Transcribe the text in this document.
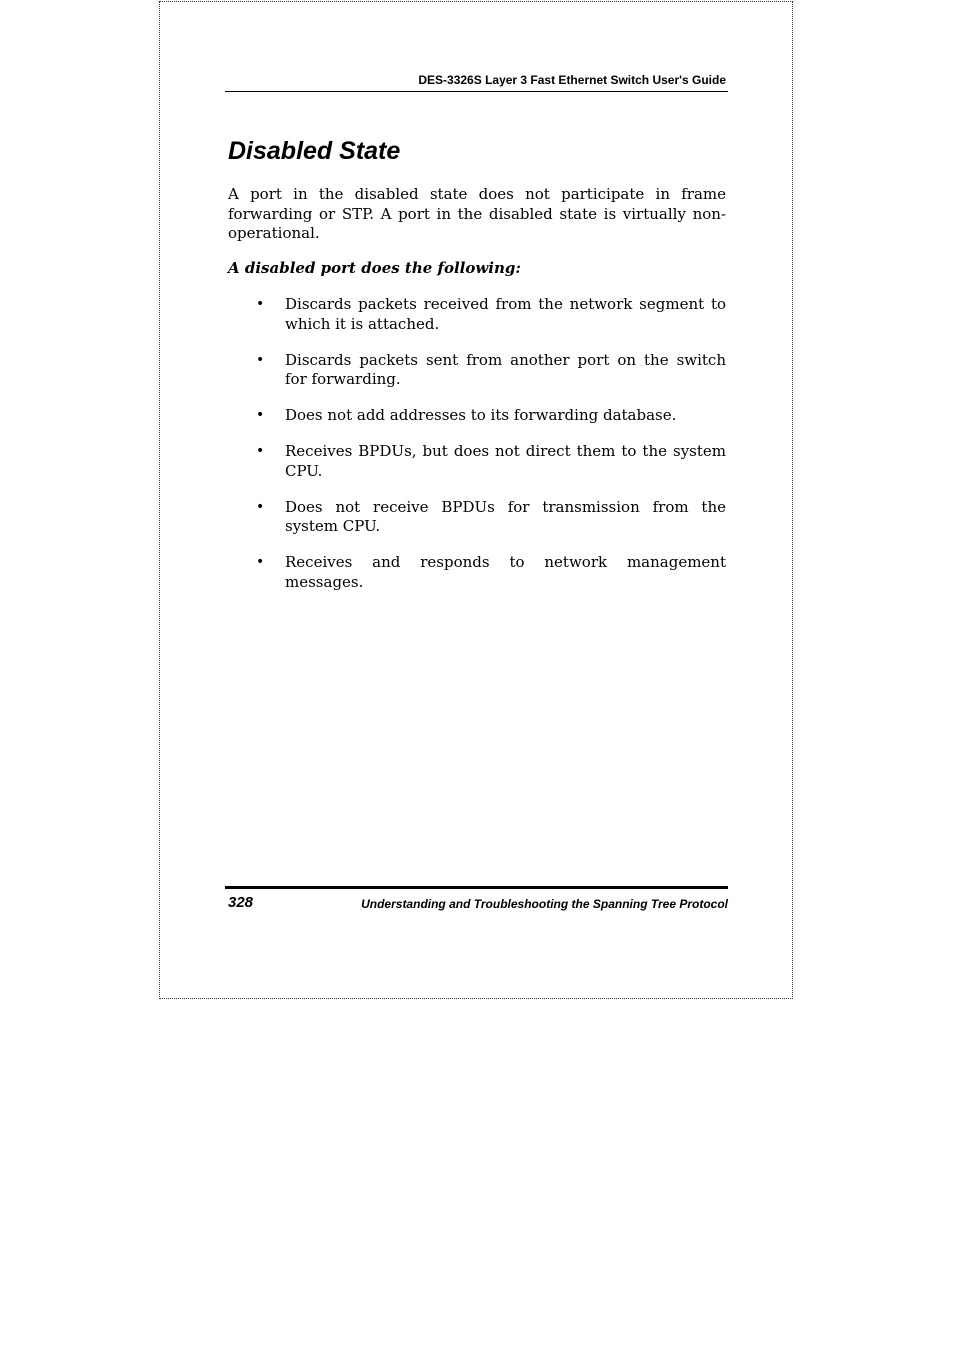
DES-3326S Layer 3 Fast Ethernet Switch User's Guide
Disabled State

A port in the disabled state does not participate in frame forwarding or STP. A port in the disabled state is virtually non-operational.

A disabled port does the following:

• Discards packets received from the network segment to which it is attached.
• Discards packets sent from another port on the switch for forwarding.
• Does not add addresses to its forwarding database.
• Receives BPDUs, but does not direct them to the system CPU.
• Does not receive BPDUs for transmission from the system CPU.
• Receives and responds to network management messages.
328	Understanding and Troubleshooting the Spanning Tree Protocol
